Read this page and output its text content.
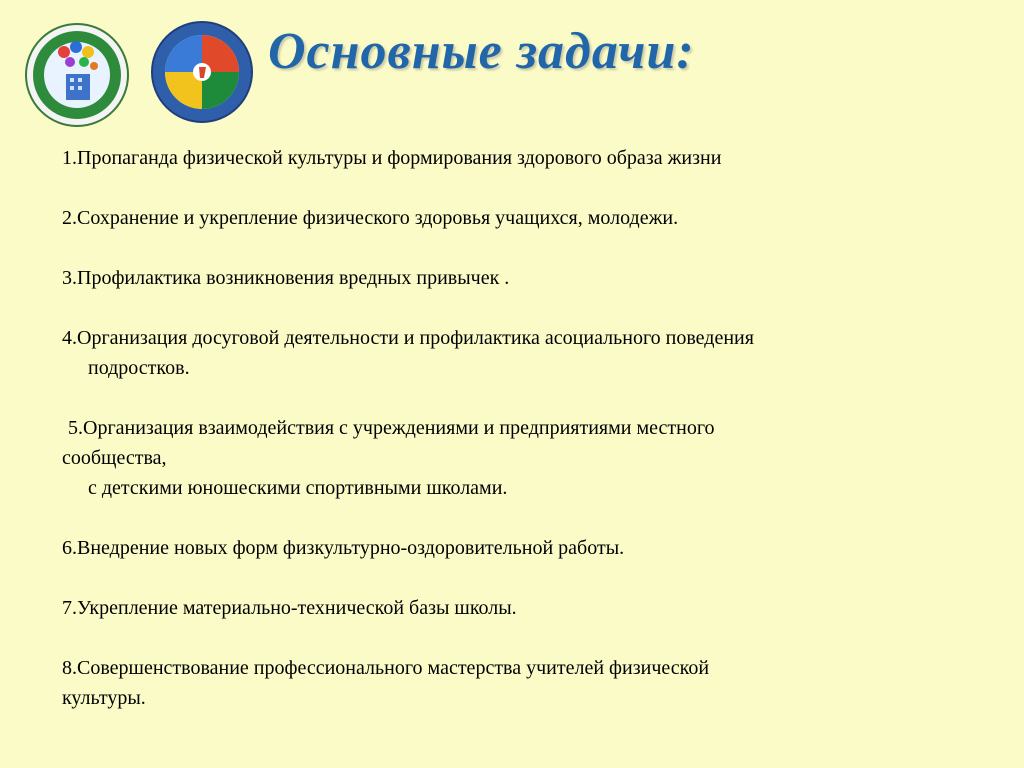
Основные задачи:
1.Пропаганда физической культуры и формирования здорового образа жизни
2.Сохранение и укрепление физического здоровья учащихся, молодежи.
3.Профилактика возникновения вредных привычек .
4.Организация досуговой деятельности и профилактика асоциального поведения
подростков.
5.Организация взаимодействия с учреждениями и предприятиями местного
сообщества,
с детскими юношескими спортивными школами.
6.Внедрение новых форм физкультурно-оздоровительной работы.
7.Укрепление материально-технической базы школы.
8.Совершенствование профессионального мастерства учителей физической
культуры.
